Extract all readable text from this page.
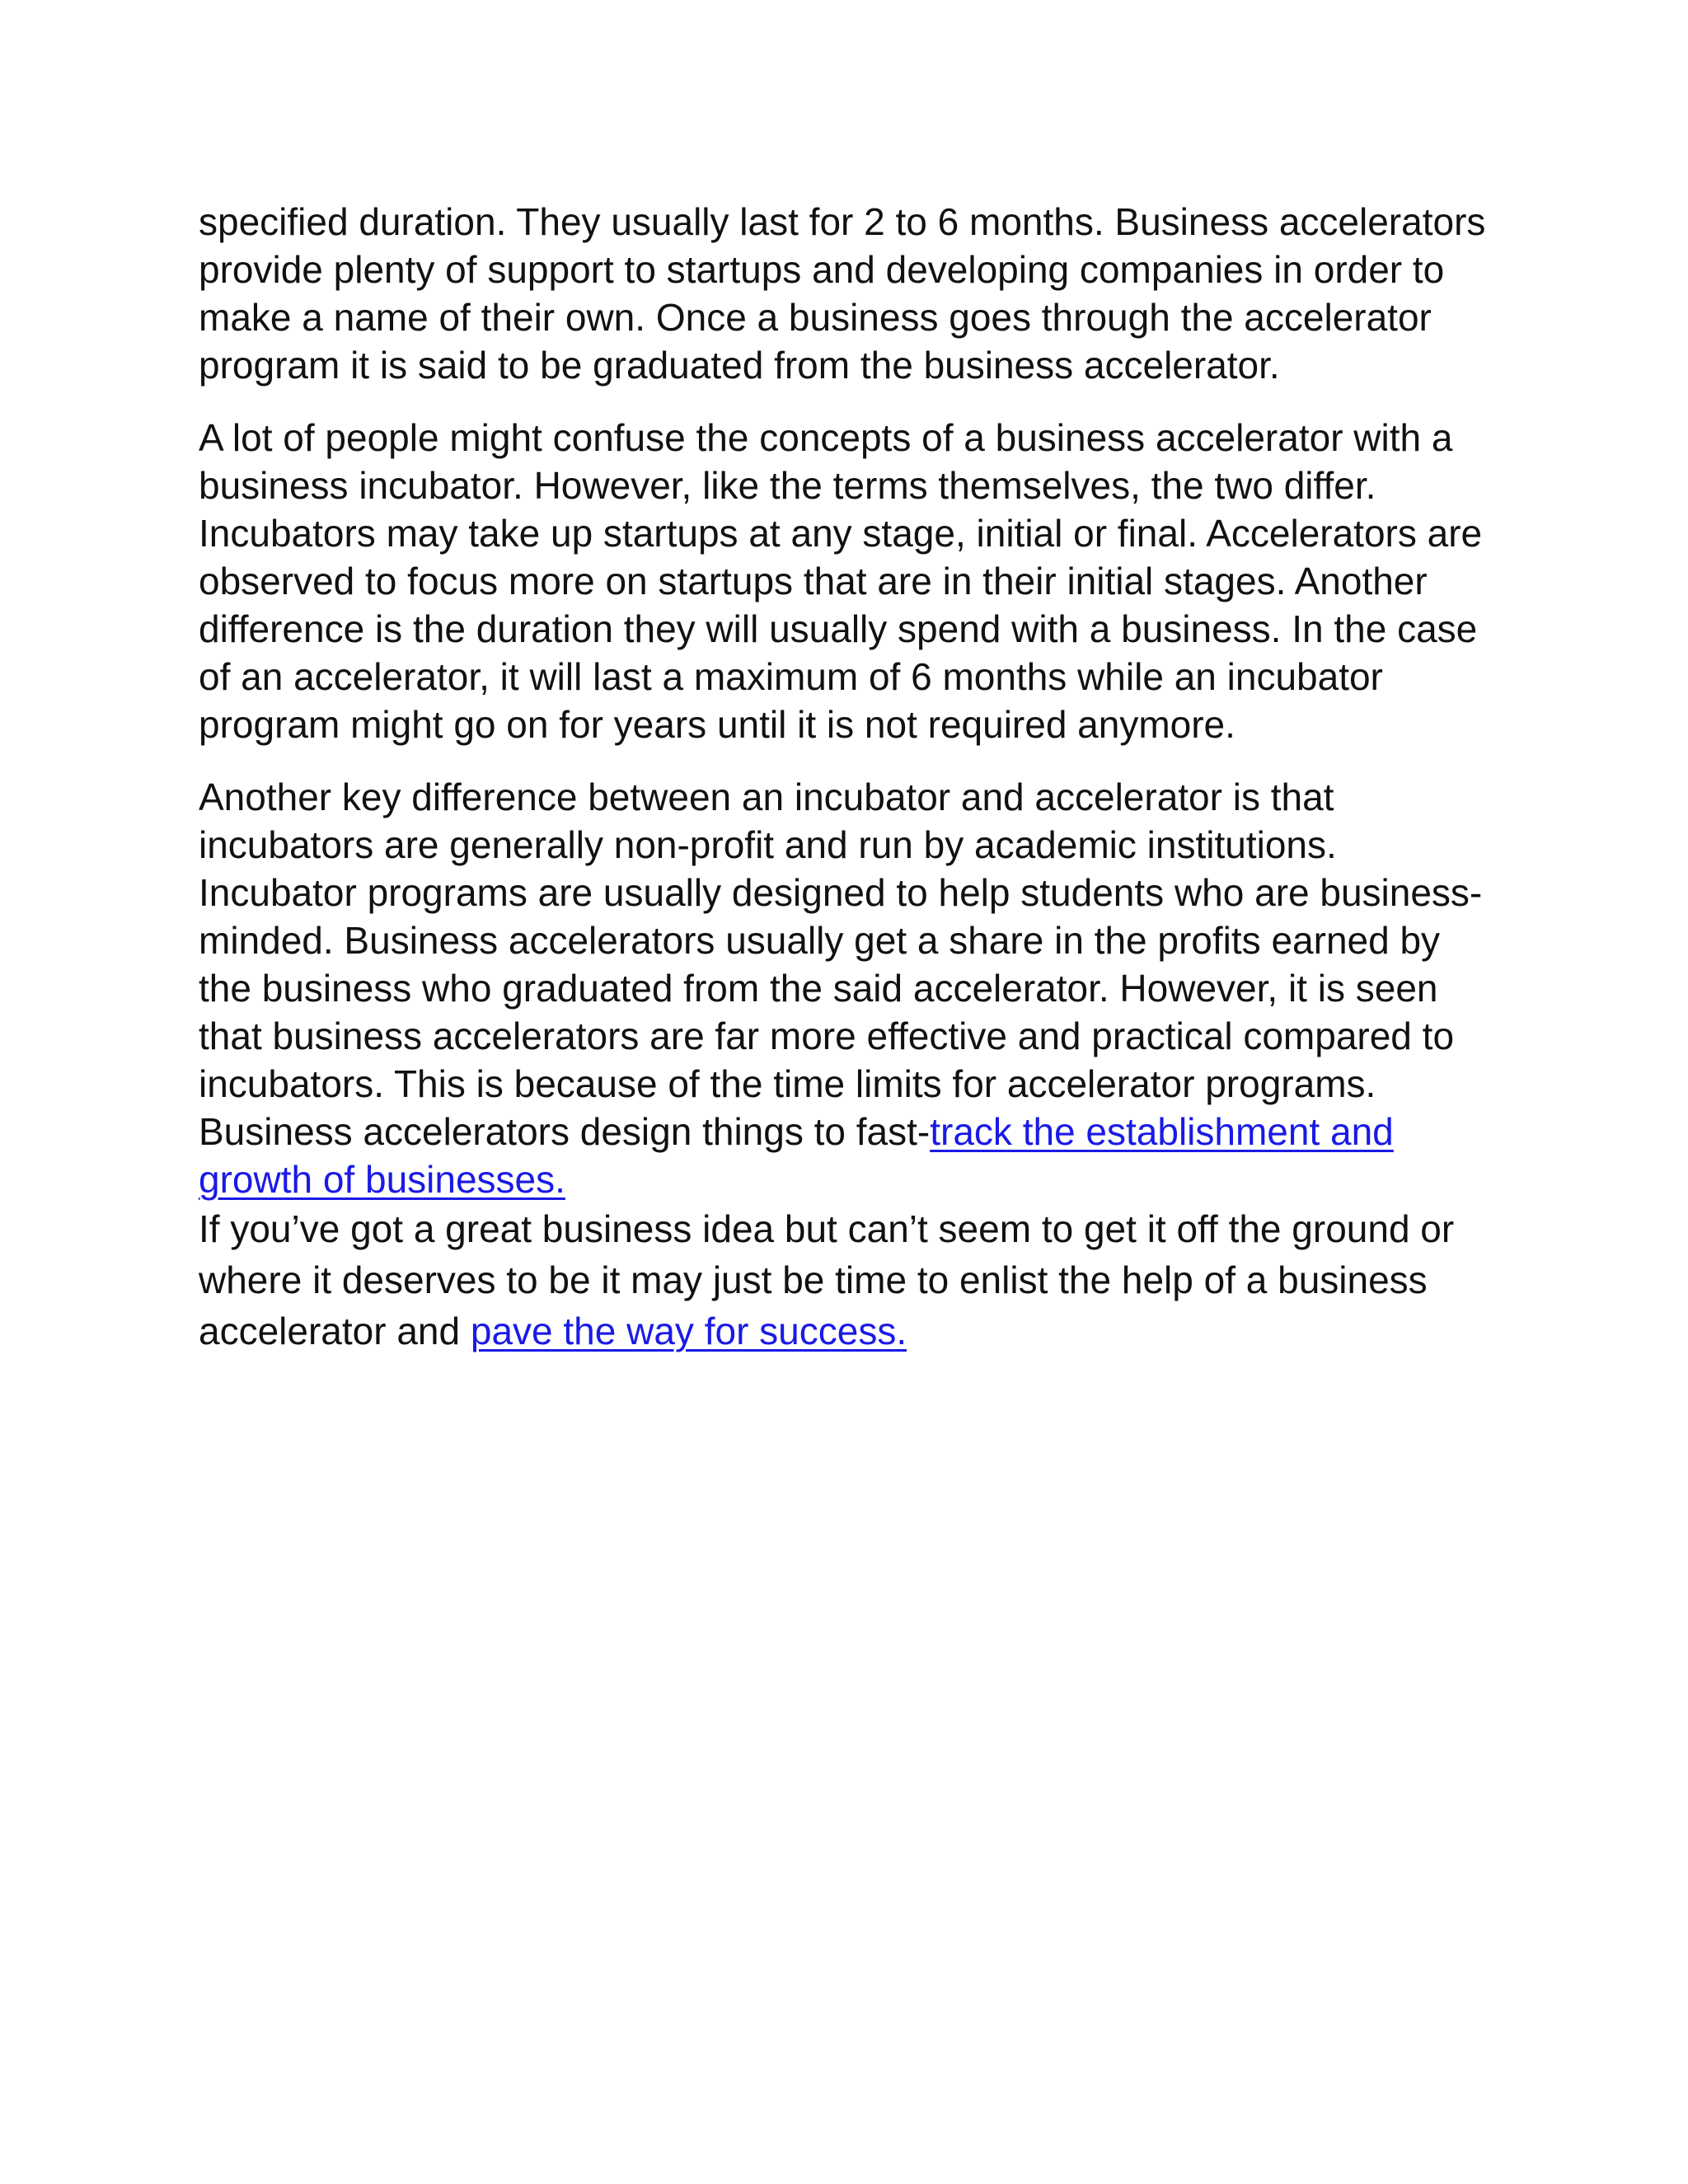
specified duration. They usually last for 2 to 6 months. Business accelerators provide plenty of support to startups and developing companies in order to make a name of their own. Once a business goes through the accelerator program it is said to be graduated from the business accelerator.

A lot of people might confuse the concepts of a business accelerator with a business incubator. However, like the terms themselves, the two differ. Incubators may take up startups at any stage, initial or final. Accelerators are observed to focus more on startups that are in their initial stages. Another difference is the duration they will usually spend with a business. In the case of an accelerator, it will last a maximum of 6 months while an incubator program might go on for years until it is not required anymore.

Another key difference between an incubator and accelerator is that incubators are generally non-profit and run by academic institutions. Incubator programs are usually designed to help students who are business-minded. Business accelerators usually get a share in the profits earned by the business who graduated from the said accelerator. However, it is seen that business accelerators are far more effective and practical compared to incubators. This is because of the time limits for accelerator programs. Business accelerators design things to fast-track the establishment and growth of businesses.

If you’ve got a great business idea but can’t seem to get it off the ground or where it deserves to be it may just be time to enlist the help of a business accelerator and pave the way for success.
